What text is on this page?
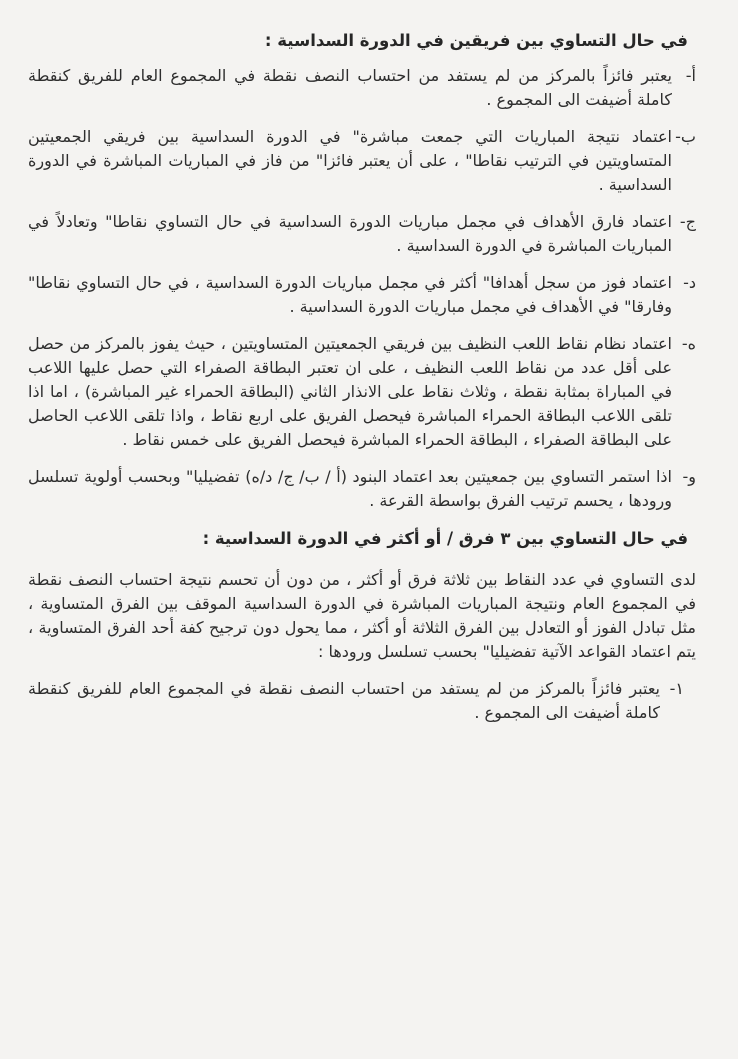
في حال التساوي بين فريقين في الدورة السداسية :
أ-
يعتبر فائزاً بالمركز من لم يستفد من احتساب النصف نقطة في المجموع العام للفريق كنقطة كاملة أضيفت الى المجموع .
ب-
اعتماد نتيجة المباريات التي جمعت مباشرة" في الدورة السداسية بين فريقي الجمعيتين المتساويتين في الترتيب نقاطا" ، على أن يعتبر فائزا" من فاز في المباريات المباشرة في الدورة السداسية .
ج-
اعتماد فارق الأهداف في مجمل مباريات الدورة السداسية في حال التساوي نقاطا" وتعادلاً في المباريات المباشرة في الدورة السداسية .
د-
اعتماد فوز من سجل أهدافا" أكثر في مجمل مباريات الدورة السداسية ، في حال التساوي نقاطا" وفارقا" في الأهداف في مجمل مباريات الدورة السداسية .
ه-
اعتماد نظام نقاط اللعب النظيف بين فريقي الجمعيتين المتساويتين ، حيث يفوز بالمركز من حصل على أقل عدد من نقاط اللعب النظيف ، على ان تعتبر البطاقة الصفراء التي حصل عليها اللاعب في المباراة بمثابة نقطة ، وثلاث نقاط على الانذار الثاني (البطاقة الحمراء غير المباشرة) ، اما اذا تلقى اللاعب البطاقة الحمراء المباشرة فيحصل الفريق على اربع نقاط ، واذا تلقى اللاعب الحاصل على البطاقة الصفراء ، البطاقة الحمراء المباشرة فيحصل الفريق على خمس نقاط .
و-
اذا استمر التساوي بين جمعيتين بعد اعتماد البنود (أ / ب/ ج/ د/ه) تفضيليا" وبحسب أولوية تسلسل ورودها ، يحسم ترتيب الفرق بواسطة القرعة .
في حال التساوي بين ٣ فرق / أو أكثر في الدورة السداسية :
لدى التساوي في عدد النقاط بين ثلاثة فرق أو أكثر ، من دون أن تحسم نتيجة احتساب النصف نقطة في المجموع العام ونتيجة المباريات المباشرة في الدورة السداسية الموقف بين الفرق المتساوية ، مثل تبادل الفوز أو التعادل بين الفرق الثلاثة أو أكثر ، مما يحول دون ترجيح كفة أحد الفرق المتساوية ، يتم اعتماد القواعد الآتية تفضيليا" بحسب تسلسل ورودها :
١-
يعتبر فائزاً بالمركز من لم يستفد من احتساب النصف نقطة في المجموع العام للفريق كنقطة كاملة أضيفت الى المجموع .
